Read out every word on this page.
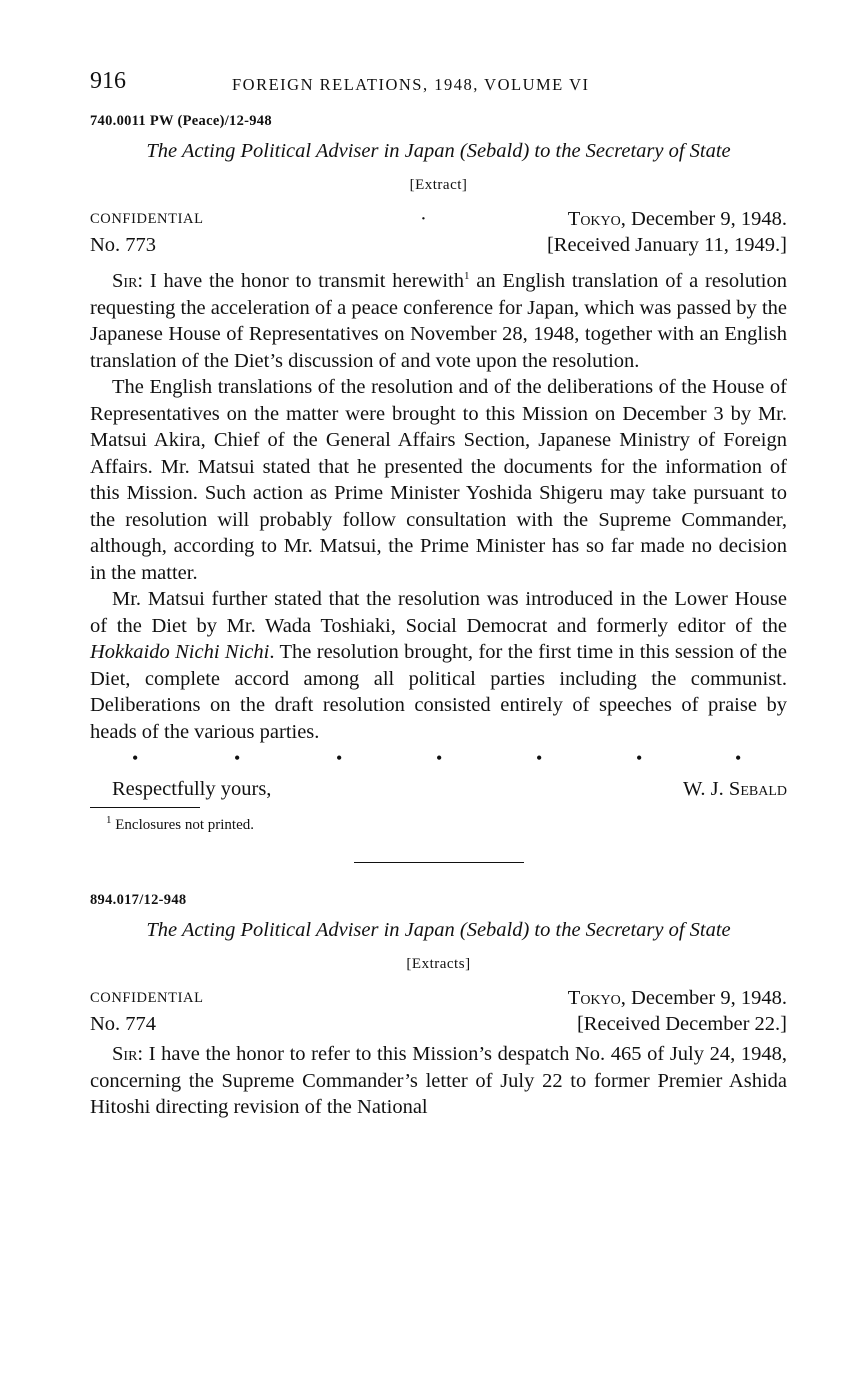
916	FOREIGN RELATIONS, 1948, VOLUME VI
740.0011 PW (Peace)/12-948
The Acting Political Adviser in Japan (Sebald) to the Secretary of State
[Extract]
CONFIDENTIAL	·	Tokyo, December 9, 1948.
No. 773	[Received January 11, 1949.]

Sir: I have the honor to transmit herewith$^1$ an English translation of a resolution requesting the acceleration of a peace conference for Japan, which was passed by the Japanese House of Representatives on November 28, 1948, together with an English translation of the Diet’s discussion of and vote upon the resolution.

The English translations of the resolution and of the deliberations of the House of Representatives on the matter were brought to this Mission on December 3 by Mr. Matsui Akira, Chief of the General Affairs Section, Japanese Ministry of Foreign Affairs. Mr. Matsui stated that he presented the documents for the information of this Mission. Such action as Prime Minister Yoshida Shigeru may take pursuant to the resolution will probably follow consultation with the Supreme Commander, although, according to Mr. Matsui, the Prime Minister has so far made no decision in the matter.

Mr. Matsui further stated that the resolution was introduced in the Lower House of the Diet by Mr. Wada Toshiaki, Social Democrat and formerly editor of the Hokkaido Nichi Nichi. The resolution brought, for the first time in this session of the Diet, complete accord among all political parties including the communist. Deliberations on the draft resolution consisted entirely of speeches of praise by heads of the various parties.

•	•	•	•	•	•	•
Respectfully yours,	W. J. Sebald
$^1$ Enclosures not printed.
894.017/12-948
The Acting Political Adviser in Japan (Sebald) to the Secretary of State
[Extracts]
CONFIDENTIAL	Tokyo, December 9, 1948.
No. 774	[Received December 22.]

Sir: I have the honor to refer to this Mission’s despatch No. 465 of July 24, 1948, concerning the Supreme Commander’s letter of July 22 to former Premier Ashida Hitoshi directing revision of the National
